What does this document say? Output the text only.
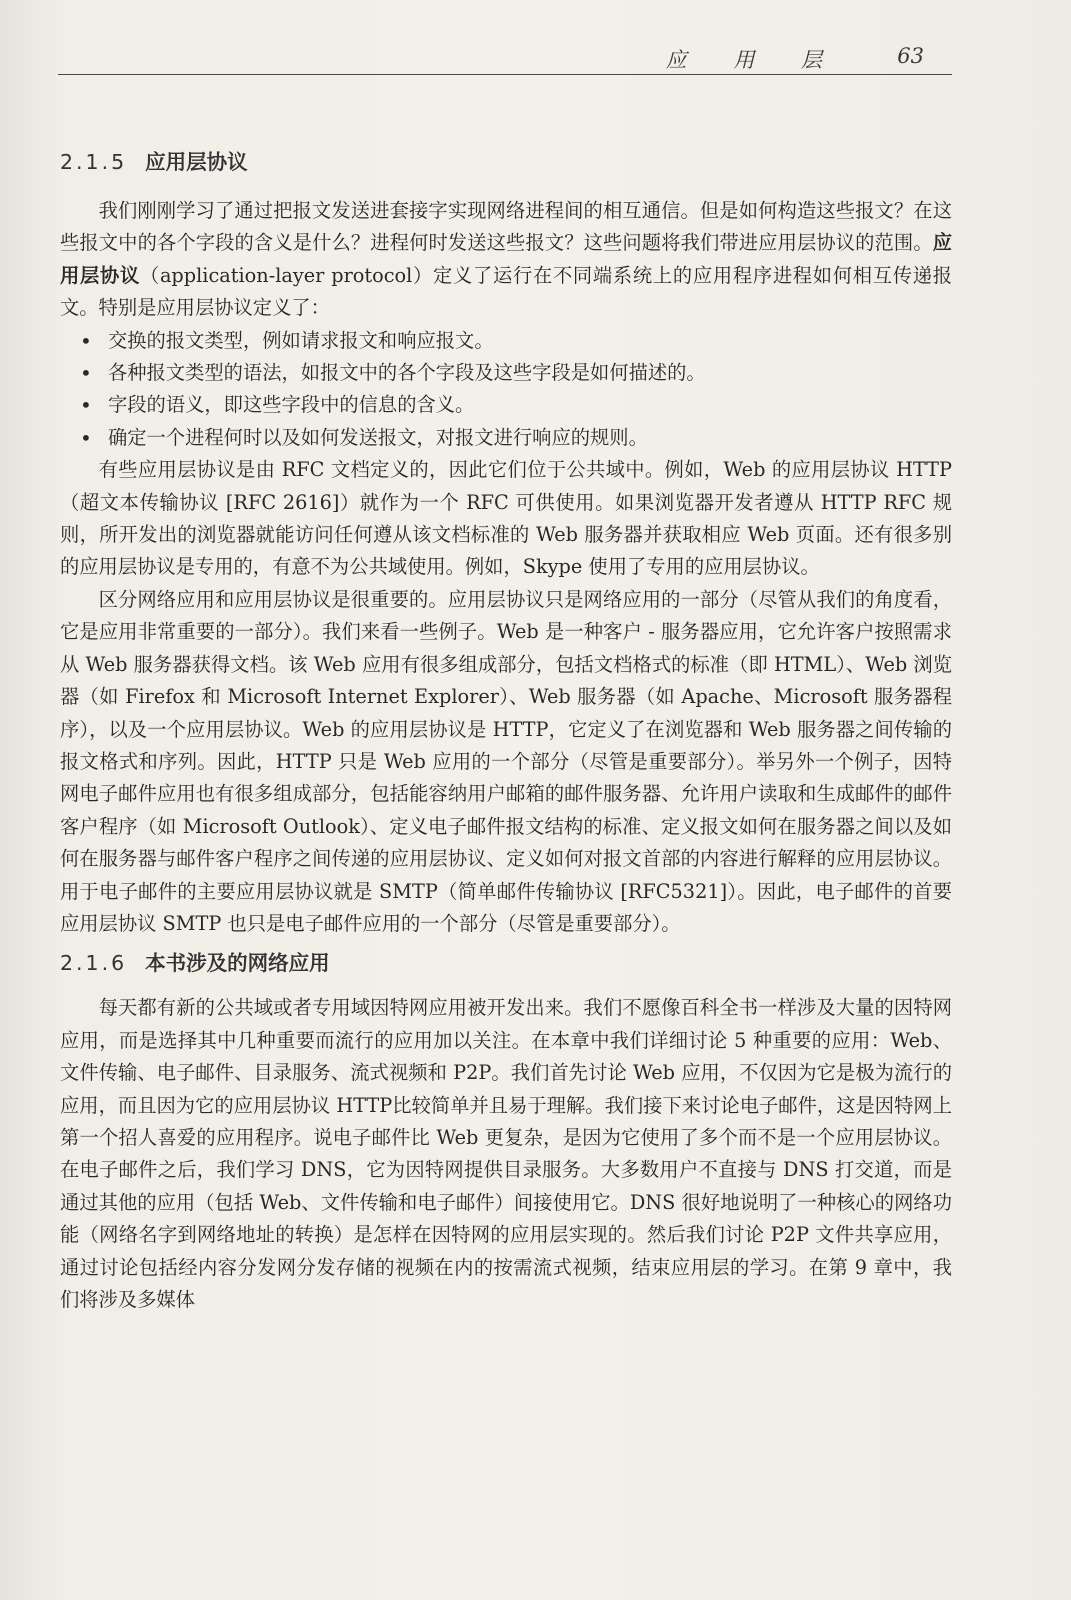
应 用 层	63
2.1.5 应用层协议

我们刚刚学习了通过把报文发送进套接字实现网络进程间的相互通信。但是如何构造这些报文？在这些报文中的各个字段的含义是什么？进程何时发送这些报文？这些问题将我们带进应用层协议的范围。应用层协议（application-layer protocol）定义了运行在不同端系统上的应用程序进程如何相互传递报文。特别是应用层协议定义了：

• 交换的报文类型，例如请求报文和响应报文。
• 各种报文类型的语法，如报文中的各个字段及这些字段是如何描述的。
• 字段的语义，即这些字段中的信息的含义。
• 确定一个进程何时以及如何发送报文，对报文进行响应的规则。

有些应用层协议是由 RFC 文档定义的，因此它们位于公共域中。例如，Web 的应用层协议 HTTP（超文本传输协议 [RFC 2616]）就作为一个 RFC 可供使用。如果浏览器开发者遵从 HTTP RFC 规则，所开发出的浏览器就能访问任何遵从该文档标准的 Web 服务器并获取相应 Web 页面。还有很多别的应用层协议是专用的，有意不为公共域使用。例如，Skype 使用了专用的应用层协议。

区分网络应用和应用层协议是很重要的。应用层协议只是网络应用的一部分（尽管从我们的角度看，它是应用非常重要的一部分）。我们来看一些例子。Web 是一种客户 - 服务器应用，它允许客户按照需求从 Web 服务器获得文档。该 Web 应用有很多组成部分，包括文档格式的标准（即 HTML）、Web 浏览器（如 Firefox 和 Microsoft Internet Explorer）、Web 服务器（如 Apache、Microsoft 服务器程序），以及一个应用层协议。Web 的应用层协议是 HTTP，它定义了在浏览器和 Web 服务器之间传输的报文格式和序列。因此，HTTP 只是 Web 应用的一个部分（尽管是重要部分）。举另外一个例子，因特网电子邮件应用也有很多组成部分，包括能容纳用户邮箱的邮件服务器、允许用户读取和生成邮件的邮件客户程序（如 Microsoft Outlook）、定义电子邮件报文结构的标准、定义报文如何在服务器之间以及如何在服务器与邮件客户程序之间传递的应用层协议、定义如何对报文首部的内容进行解释的应用层协议。用于电子邮件的主要应用层协议就是 SMTP（简单邮件传输协议 [RFC5321]）。因此，电子邮件的首要应用层协议 SMTP 也只是电子邮件应用的一个部分（尽管是重要部分）。

2.1.6 本书涉及的网络应用

每天都有新的公共域或者专用域因特网应用被开发出来。我们不愿像百科全书一样涉及大量的因特网应用，而是选择其中几种重要而流行的应用加以关注。在本章中我们详细讨论 5 种重要的应用：Web、文件传输、电子邮件、目录服务、流式视频和 P2P。我们首先讨论 Web 应用，不仅因为它是极为流行的应用，而且因为它的应用层协议 HTTP比较简单并且易于理解。我们接下来讨论电子邮件，这是因特网上第一个招人喜爱的应用程序。说电子邮件比 Web 更复杂，是因为它使用了多个而不是一个应用层协议。在电子邮件之后，我们学习 DNS，它为因特网提供目录服务。大多数用户不直接与 DNS 打交道，而是通过其他的应用（包括 Web、文件传输和电子邮件）间接使用它。DNS 很好地说明了一种核心的网络功能（网络名字到网络地址的转换）是怎样在因特网的应用层实现的。然后我们讨论 P2P 文件共享应用，通过讨论包括经内容分发网分发存储的视频在内的按需流式视频，结束应用层的学习。在第 9 章中，我们将涉及多媒体
